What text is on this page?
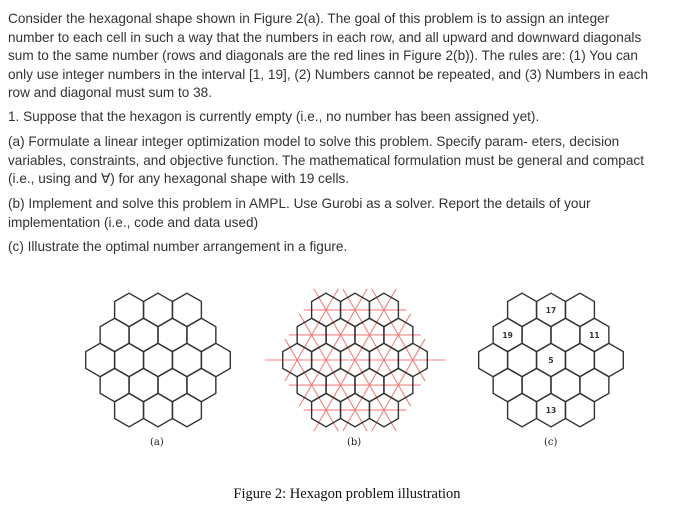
Consider the hexagonal shape shown in Figure 2(a). The goal of this problem is to assign an integer
number to each cell in such a way that the numbers in each row, and all upward and downward diagonals
sum to the same number (rows and diagonals are the red lines in Figure 2(b)). The rules are: (1) You can
only use integer numbers in the interval [1, 19], (2) Numbers cannot be repeated, and (3) Numbers in each
row and diagonal must sum to 38.
1. Suppose that the hexagon is currently empty (i.e., no number has been assigned yet).
(a) Formulate a linear integer optimization model to solve this problem. Specify param- eters, decision
variables, constraints, and objective function. The mathematical formulation must be general and compact
(i.e., using and ∀) for any hexagonal shape with 19 cells.
(b) Implement and solve this problem in AMPL. Use Gurobi as a solver. Report the details of your
implementation (i.e., code and data used)
(c) Illustrate the optimal number arrangement in a figure.
17
19	11
5
13
(a)	(b)	(c)
Figure 2: Hexagon problem illustration
